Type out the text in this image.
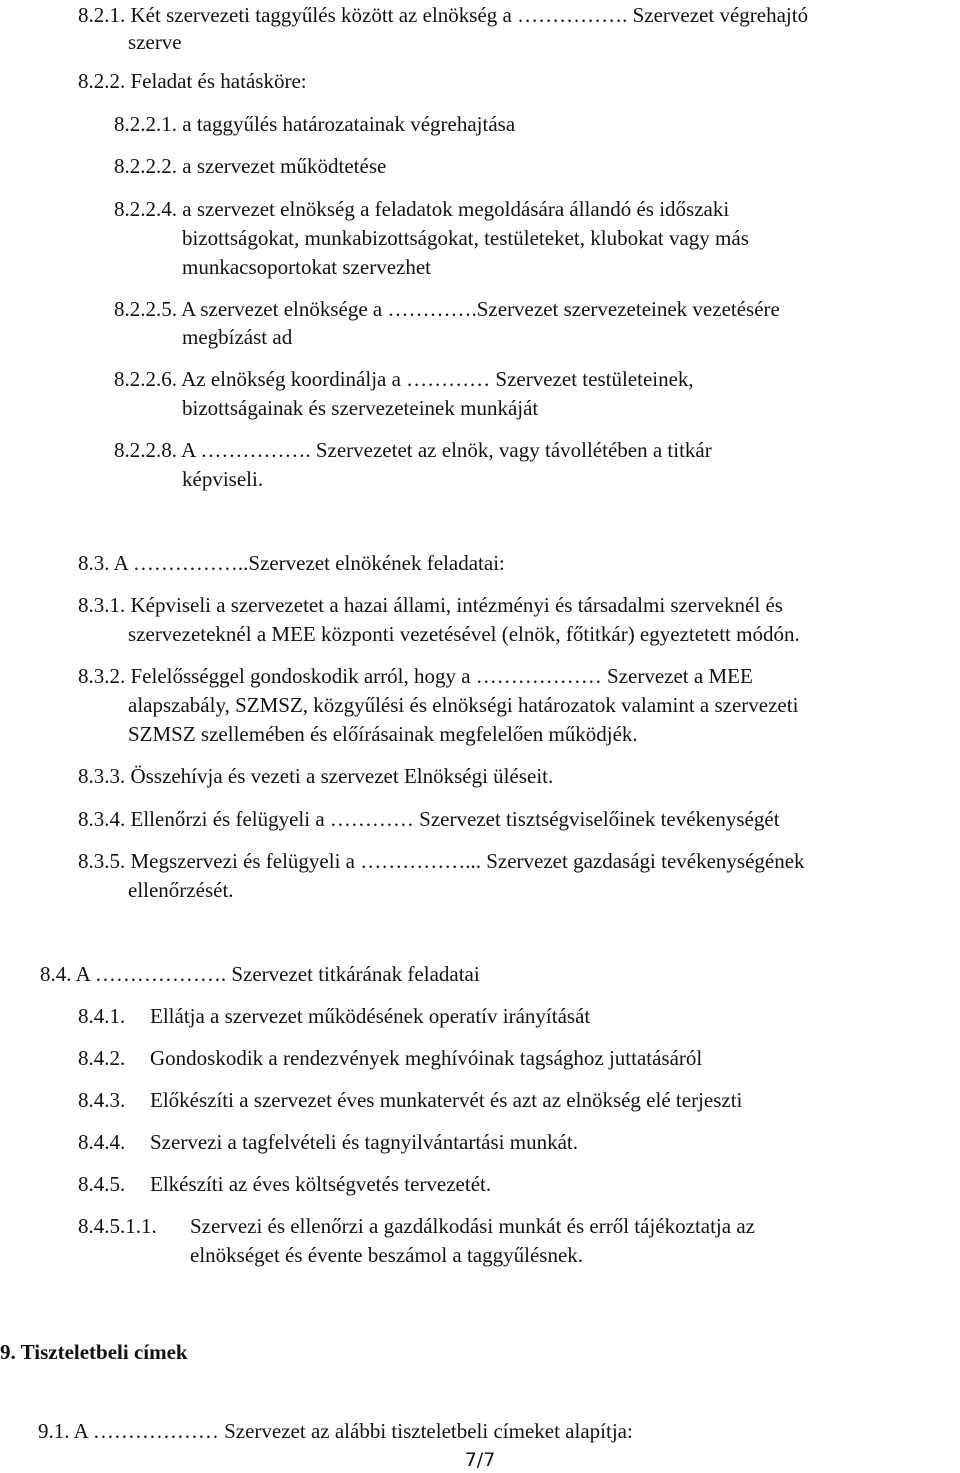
8.2.1. Két szervezeti taggyűlés között az elnökség a ……………. Szervezet végrehajtó
szerve
8.2.2. Feladat és hatásköre:
8.2.2.1. a taggyűlés határozatainak végrehajtása
8.2.2.2. a szervezet működtetése
8.2.2.4. a szervezet elnökség a feladatok megoldására állandó és időszaki
bizottságokat, munkabizottságokat, testületeket, klubokat vagy más
munkacsoportokat szervezhet
8.2.2.5. A szervezet elnöksége a ………….Szervezet szervezeteinek vezetésére
megbízást ad
8.2.2.6. Az elnökség koordinálja a ………… Szervezet testületeinek,
bizottságainak és szervezeteinek munkáját
8.2.2.8. A ……………. Szervezetet az elnök, vagy távollétében a titkár
képviseli.
8.3. A ……………..Szervezet elnökének feladatai:
8.3.1. Képviseli a szervezetet a hazai állami, intézményi és társadalmi szerveknél és
szervezeteknél a MEE központi vezetésével (elnök, főtitkár) egyeztetett módón.
8.3.2. Felelősséggel gondoskodik arról, hogy a ……………… Szervezet a MEE
alapszabály, SZMSZ, közgyűlési és elnökségi határozatok valamint a szervezeti
SZMSZ szellemében és előírásainak megfelelően működjék.
8.3.3. Összehívja és vezeti a szervezet Elnökségi üléseit.
8.3.4. Ellenőrzi és felügyeli a ………… Szervezet tisztségviselőinek tevékenységét
8.3.5. Megszervezi és felügyeli a ……………... Szervezet gazdasági tevékenységének
ellenőrzését.
8.4. A ………………. Szervezet titkárának feladatai
8.4.1. Ellátja a szervezet működésének operatív irányítását
8.4.2. Gondoskodik a rendezvények meghívóinak tagsághoz juttatásáról
8.4.3. Előkészíti a szervezet éves munkatervét és azt az elnökség elé terjeszti
8.4.4. Szervezi a tagfelvételi és tagnyilvántartási munkát.
8.4.5. Elkészíti az éves költségvetés tervezetét.
8.4.5.1.1. Szervezi és ellenőrzi a gazdálkodási munkát és erről tájékoztatja az
elnökséget és évente beszámol a taggyűlésnek.
9. Tiszteletbeli címek
9.1. A ……………… Szervezet az alábbi tiszteletbeli címeket alapítja:
7/7
